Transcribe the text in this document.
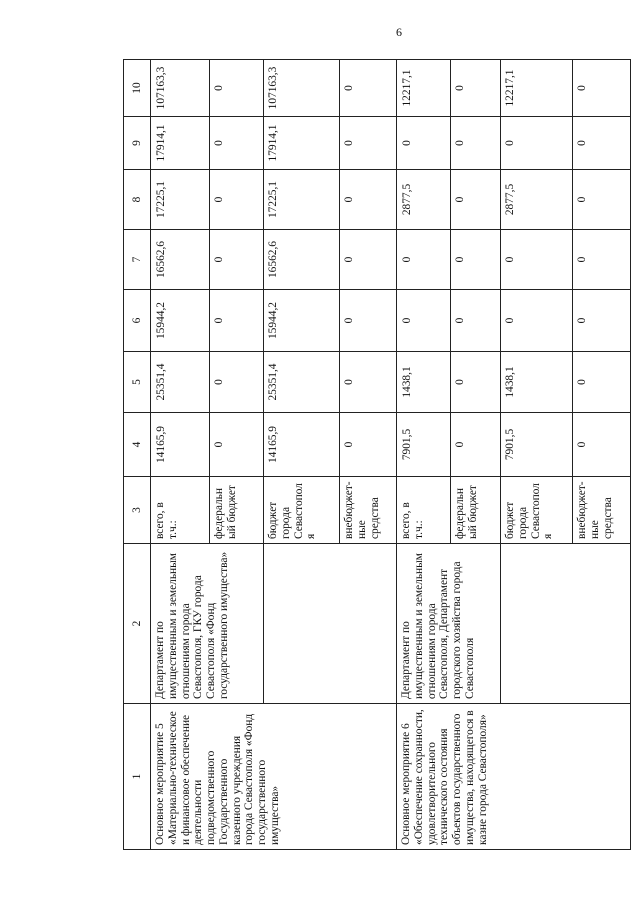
6
1	2	3	4	5	6	7	8	9	10
Основное мероприятие 5 «Материально-техническое и финансовое обеспечение деятельности подведомственного Государственного казенного учреждения города Севастополя «Фонд государственного имущества»	Департамент по имущественным и земельным отношениям города Севастополя, ГКУ города Севастополя «Фонд государственного имущества»	всего, в т.ч.:	14165,9	25351,4	15944,2	16562,6	17225,1	17914,1	107163,3
		федеральный бюджет	0	0	0	0	0	0	0
		бюджет города Севастополя	14165,9	25351,4	15944,2	16562,6	17225,1	17914,1	107163,3
		внебюджет-ные средства	0	0	0	0	0	0	0
Основное мероприятие 6 «Обеспечение сохранности, удовлетворительного технического состояния объектов государственного имущества, находящегося в казне города Севастополя»	Департамент по имущественным и земельным отношениям города Севастополя, Департамент городского хозяйства города Севастополя	всего, в т.ч.:	7901,5	1438,1	0	0	2877,5	0	12217,1
		федеральный бюджет	0	0	0	0	0	0	0
		бюджет города Севастополя	7901,5	1438,1	0	0	2877,5	0	12217,1
		внебюджет-ные средства	0	0	0	0	0	0	0
